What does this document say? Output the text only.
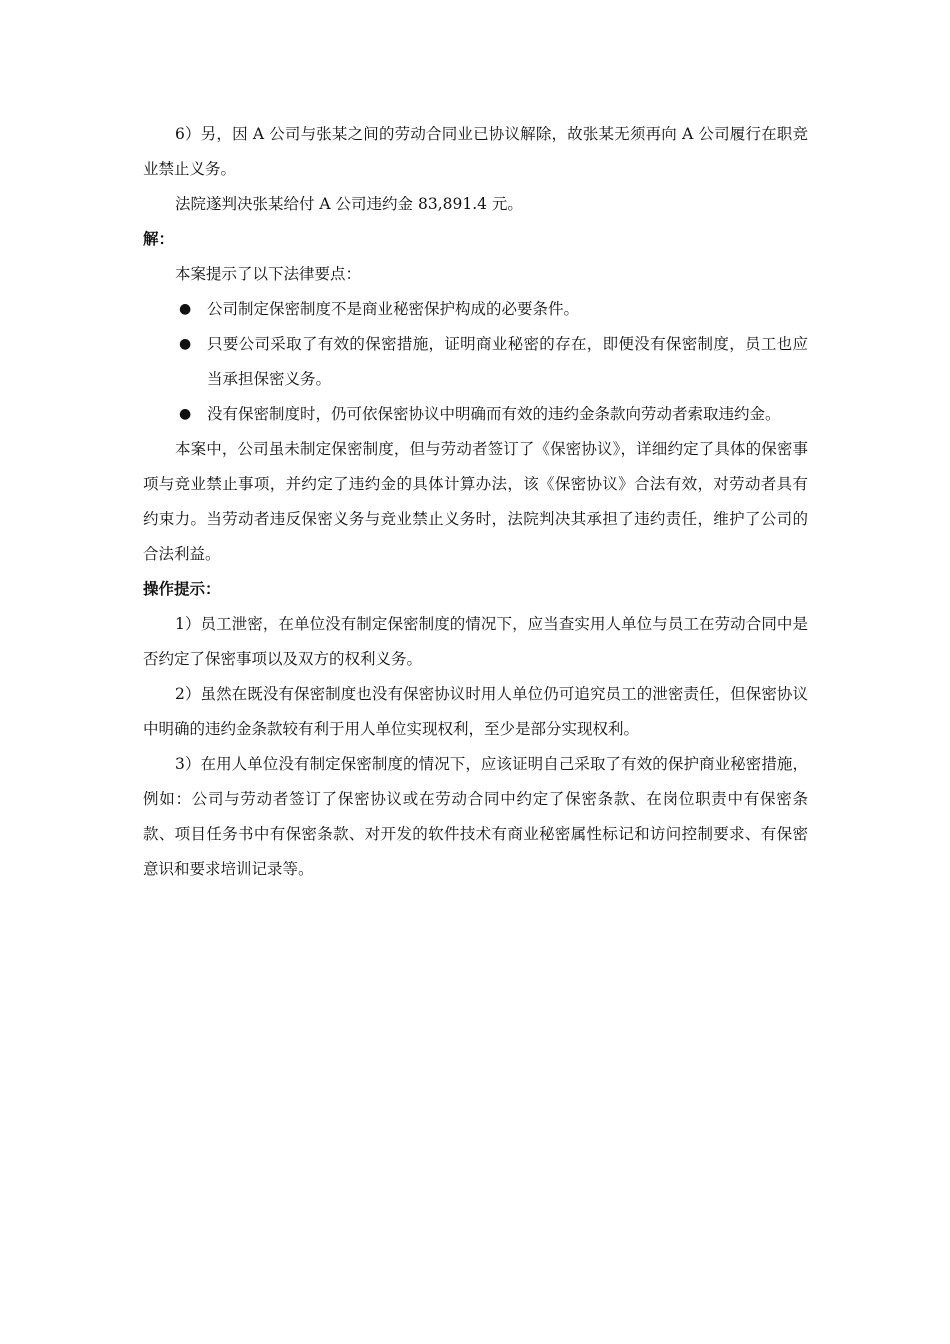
6）另，因 A 公司与张某之间的劳动合同业已协议解除，故张某无须再向 A 公司履行在职竞业禁止义务。

法院遂判决张某给付 A 公司违约金 83,891.4 元。

解：

本案提示了以下法律要点：

● 公司制定保密制度不是商业秘密保护构成的必要条件。
● 只要公司采取了有效的保密措施，证明商业秘密的存在，即便没有保密制度，员工也应当承担保密义务。
● 没有保密制度时，仍可依保密协议中明确而有效的违约金条款向劳动者索取违约金。

本案中，公司虽未制定保密制度，但与劳动者签订了《保密协议》，详细约定了具体的保密事项与竞业禁止事项，并约定了违约金的具体计算办法，该《保密协议》合法有效，对劳动者具有约束力。当劳动者违反保密义务与竞业禁止义务时，法院判决其承担了违约责任，维护了公司的合法利益。

操作提示：

1）员工泄密，在单位没有制定保密制度的情况下，应当查实用人单位与员工在劳动合同中是否约定了保密事项以及双方的权利义务。

2）虽然在既没有保密制度也没有保密协议时用人单位仍可追究员工的泄密责任，但保密协议中明确的违约金条款较有利于用人单位实现权利，至少是部分实现权利。

3）在用人单位没有制定保密制度的情况下，应该证明自己采取了有效的保护商业秘密措施，例如：公司与劳动者签订了保密协议或在劳动合同中约定了保密条款、在岗位职责中有保密条款、项目任务书中有保密条款、对开发的软件技术有商业秘密属性标记和访问控制要求、有保密意识和要求培训记录等。
